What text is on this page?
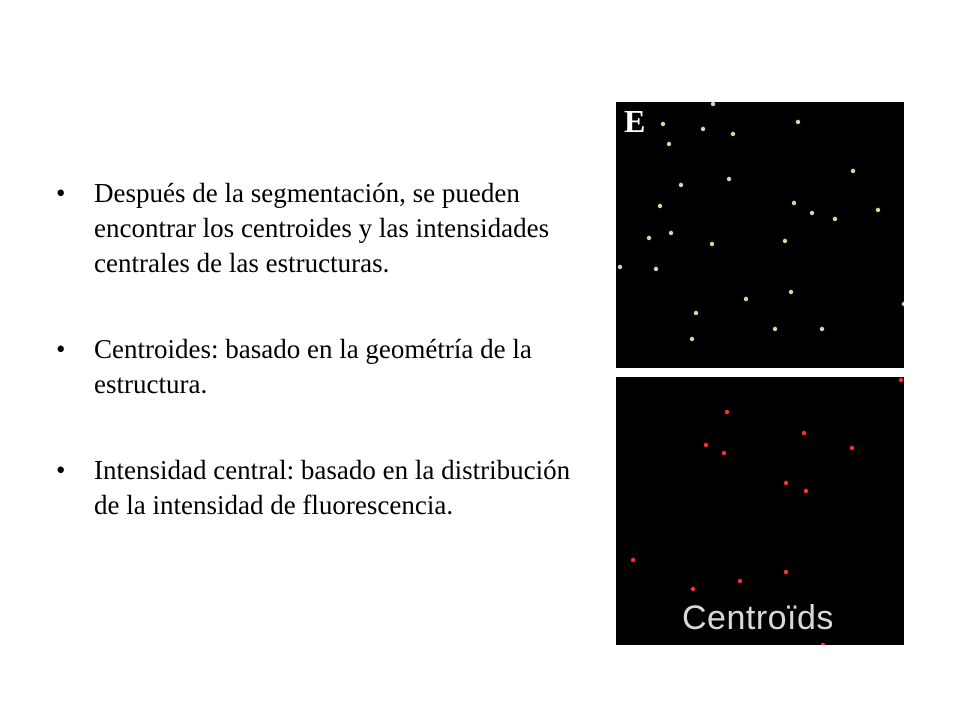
• Después de la segmentación, se pueden encontrar los centroides y las intensidades centrales de las estructuras.
• Centroides: basado en la geométría de la estructura.
• Intensidad central: basado en la distribución de la intensidad de fluorescencia.
E
Centroïds
